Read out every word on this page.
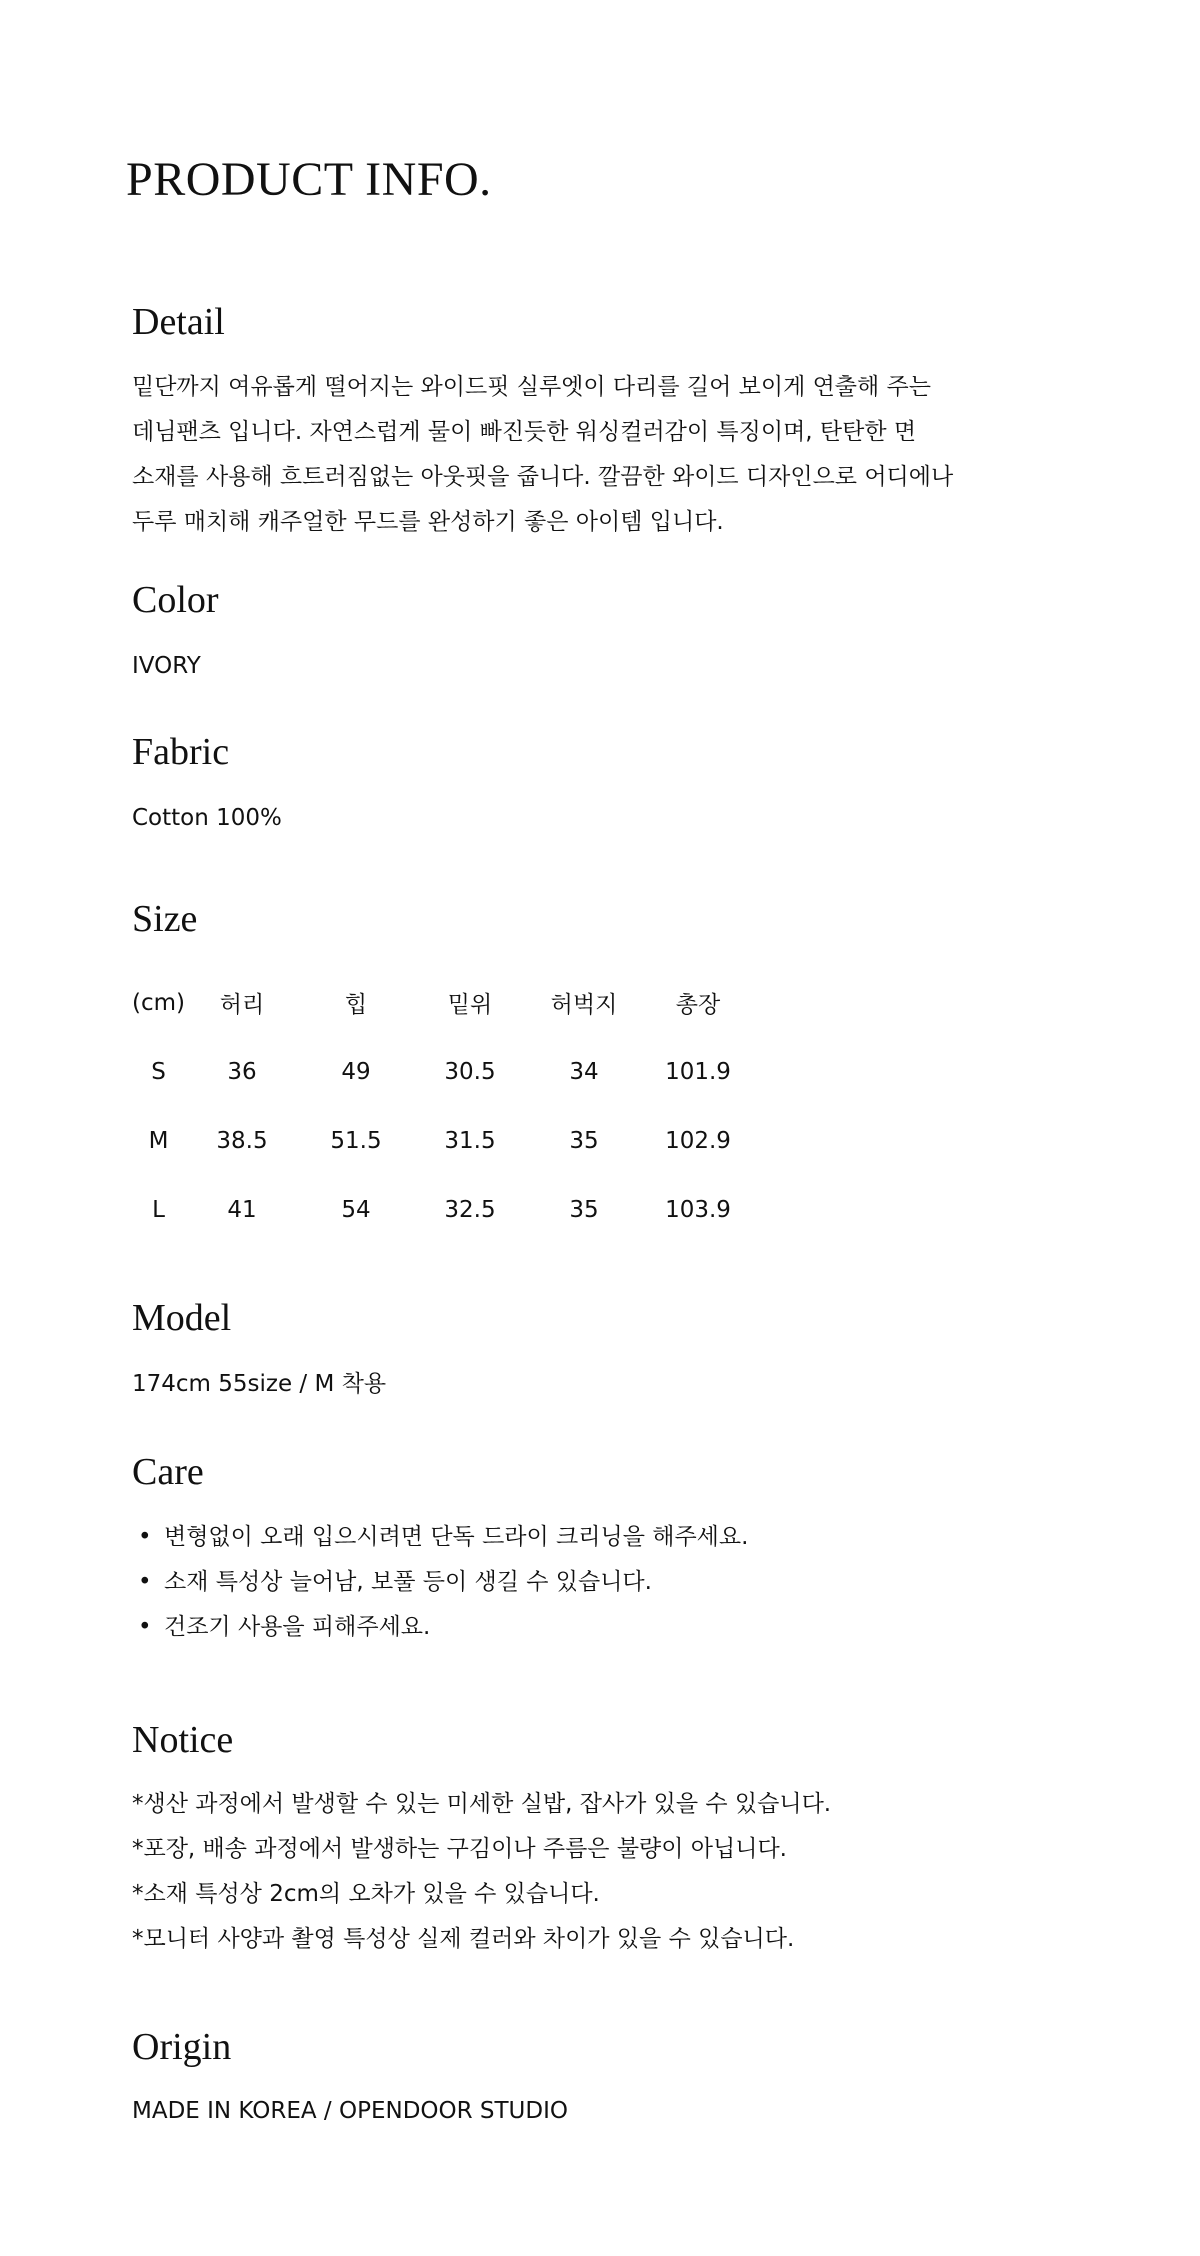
PRODUCT INFO.
Detail
밑단까지 여유롭게 떨어지는 와이드핏 실루엣이 다리를 길어 보이게 연출해 주는
데님팬츠 입니다. 자연스럽게 물이 빠진듯한 워싱컬러감이 특징이며, 탄탄한 면
소재를 사용해 흐트러짐없는 아웃핏을 줍니다. 깔끔한 와이드 디자인으로 어디에나
두루 매치해 캐주얼한 무드를 완성하기 좋은 아이템 입니다.
Color

IVORY

Fabric

Cotton 100%

Size
(cm)	허리	힙	밑위	허벅지	총장
S	36	49	30.5	34	101.9
M	38.5	51.5	31.5	35	102.9
L	41	54	32.5	35	103.9
Model

174cm 55size / M 착용

Care
• 변형없이 오래 입으시려면 단독 드라이 크리닝을 해주세요.
• 소재 특성상 늘어남, 보풀 등이 생길 수 있습니다.
• 건조기 사용을 피해주세요.
Notice
*생산 과정에서 발생할 수 있는 미세한 실밥, 잡사가 있을 수 있습니다.
*포장, 배송 과정에서 발생하는 구김이나 주름은 불량이 아닙니다.
*소재 특성상 2cm의 오차가 있을 수 있습니다.
*모니터 사양과 촬영 특성상 실제 컬러와 차이가 있을 수 있습니다.
Origin

MADE IN KOREA / OPENDOOR STUDIO
